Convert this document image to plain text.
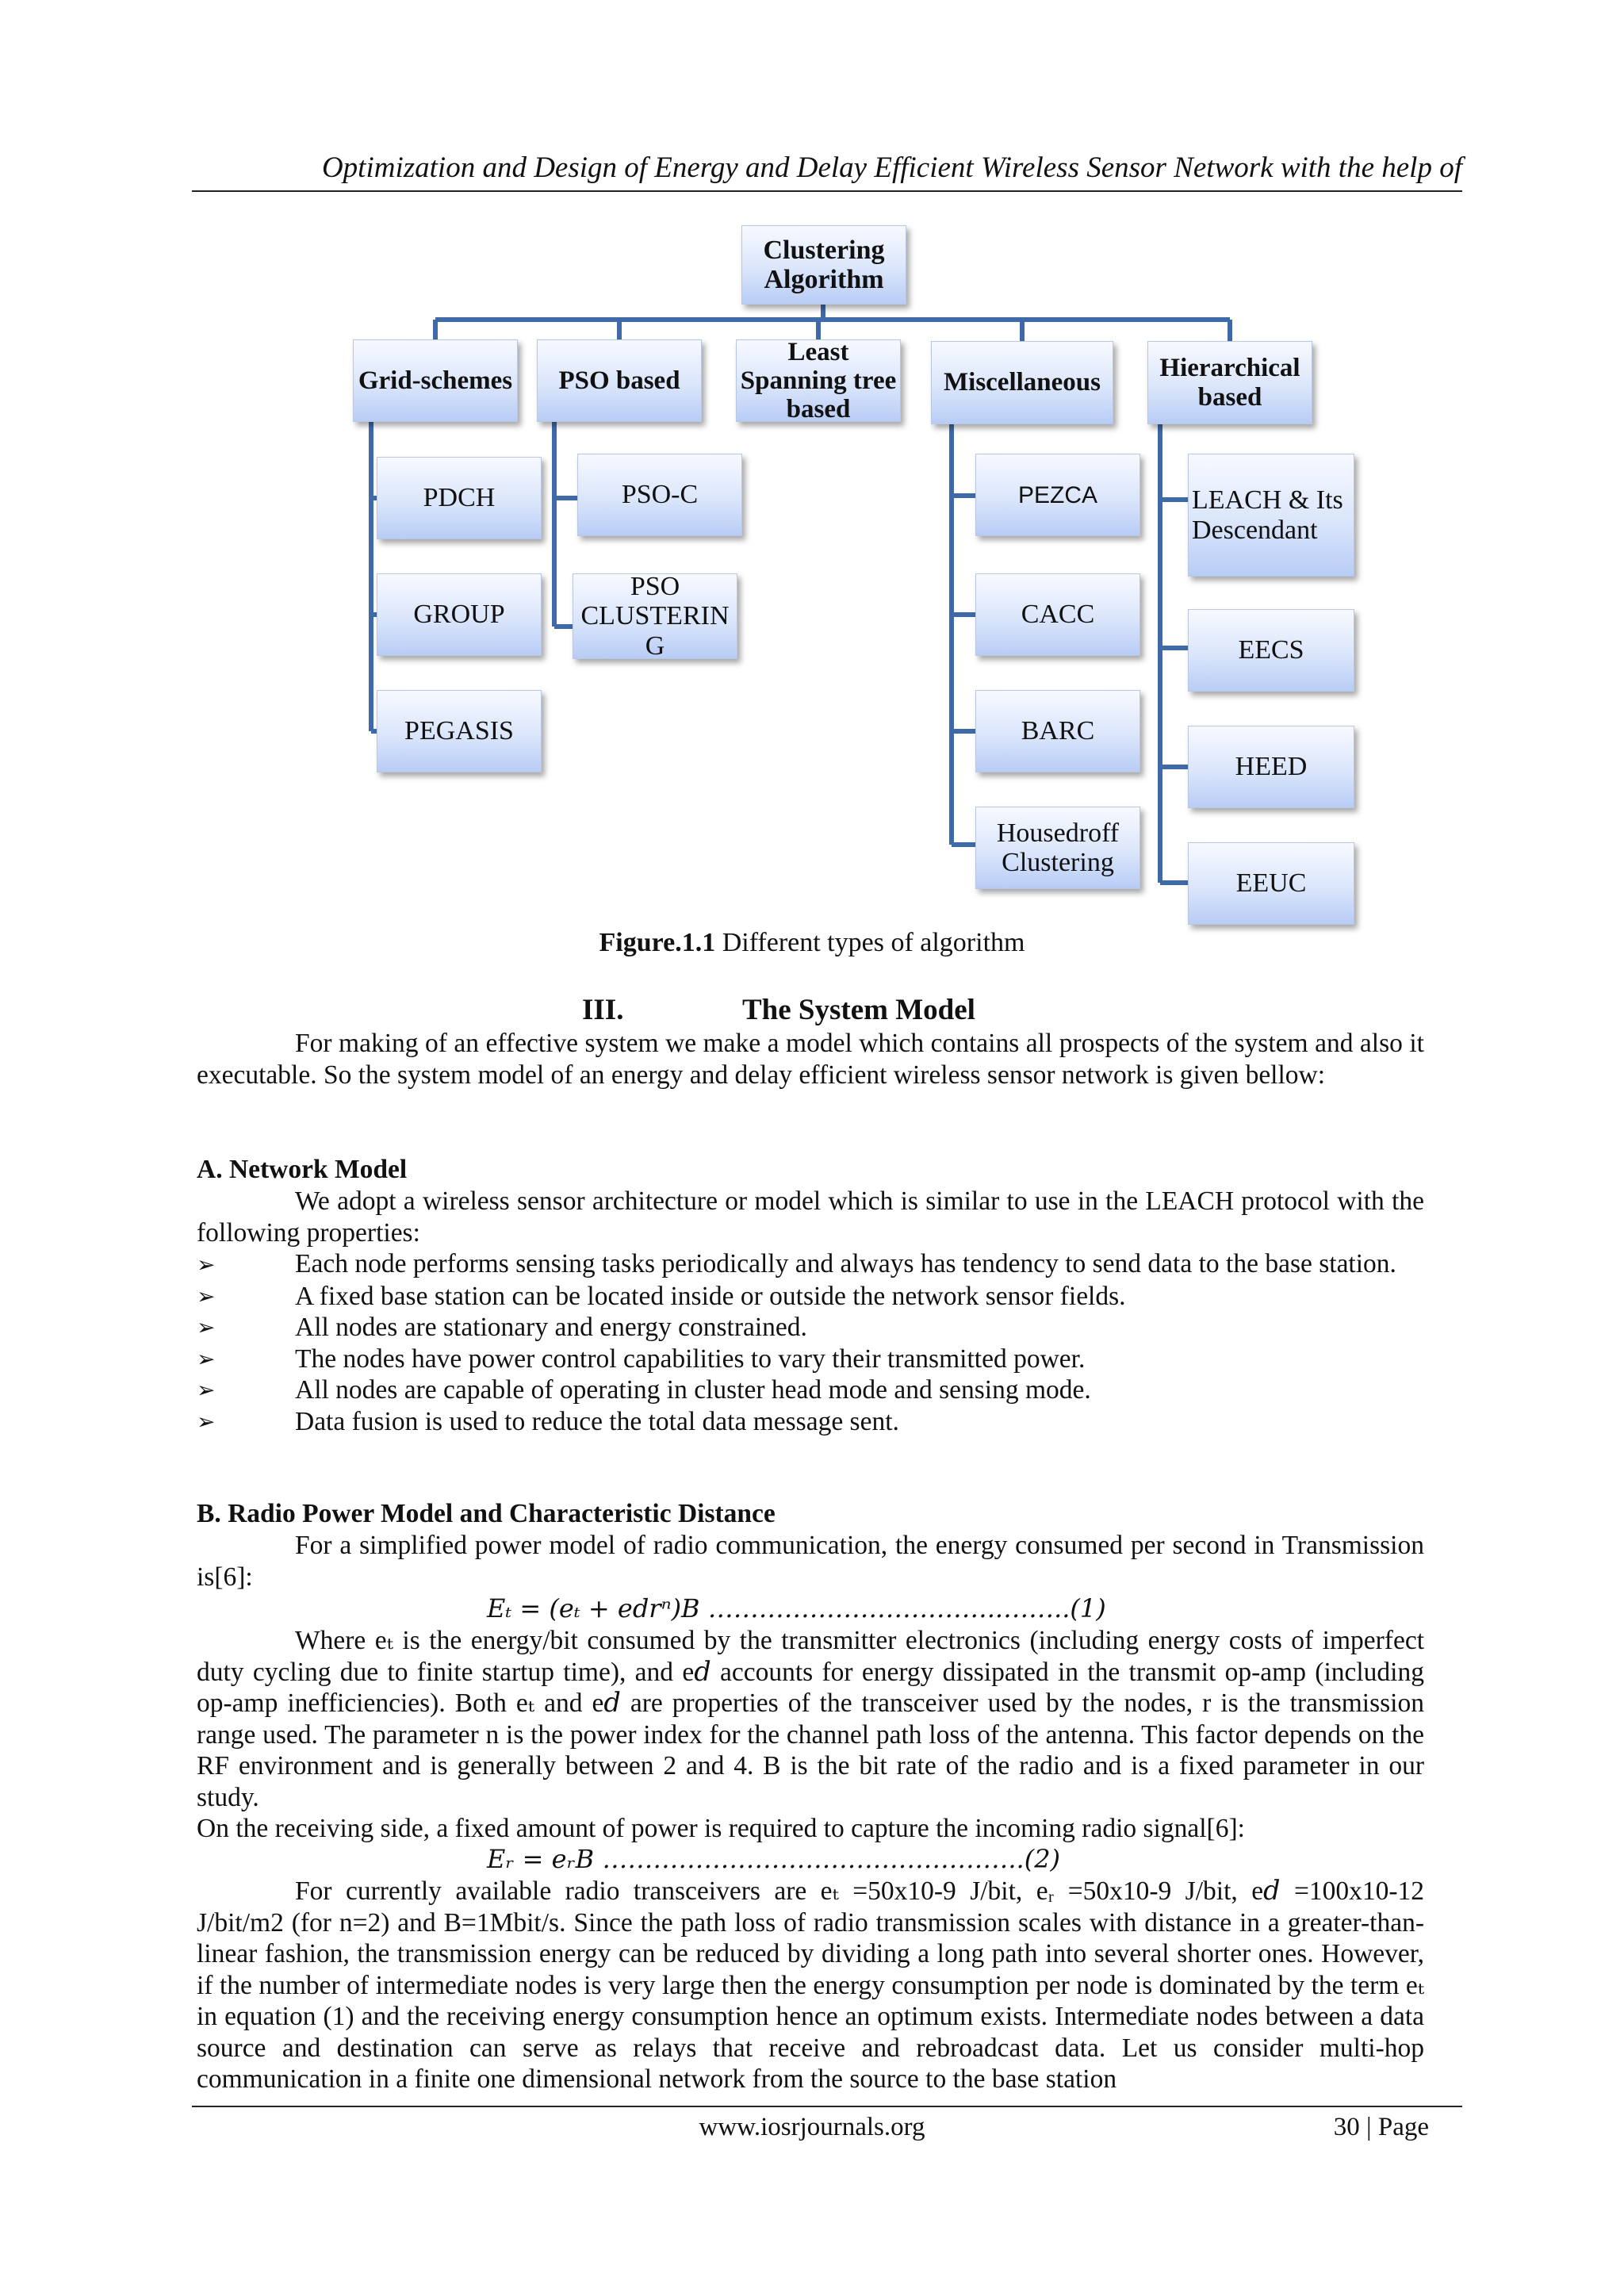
Optimization and Design of Energy and Delay Efficient Wireless Sensor Network with the help of
Clustering Algorithm
Grid-schemes	PSO based
Least Spanning tree based
Miscellaneous
Hierarchical based
PDCH
GROUP
PEGASIS
PSO-C
PSO CLUSTERIN G
PEZCA
CACC
BARC
Housedroff Clustering
LEACH & Its Descendant
EECS
HEED
EEUC
Figure.1.1 Different types of algorithm
III.	The System Model
For making of an effective system we make a model which contains all prospects of the system and also it executable. So the system model of an energy and delay efficient wireless sensor network is given bellow:
A. Network Model
We adopt a wireless sensor architecture or model which is similar to use in the LEACH protocol with the following properties:
➢	Each node performs sensing tasks periodically and always has tendency to send data to the base station.
➢	A fixed base station can be located inside or outside the network sensor fields.
➢	All nodes are stationary and energy constrained.
➢	The nodes have power control capabilities to vary their transmitted power.
➢	All nodes are capable of operating in cluster head mode and sensing mode.
➢	Data fusion is used to reduce the total data message sent.
B. Radio Power Model and Characteristic Distance
For a simplified power model of radio communication, the energy consumed per second in Transmission is[6]:
Eₜ = (eₜ + e𝑑rⁿ)B ……………………………..……..(1)
Where eₜ is the energy/bit consumed by the transmitter electronics (including energy costs of imperfect duty cycling due to finite startup time), and e𝑑 accounts for energy dissipated in the transmit op-amp (including op-amp inefficiencies). Both eₜ and e𝑑 are properties of the transceiver used by the nodes, r is the transmission range used. The parameter n is the power index for the channel path loss of the antenna. This factor depends on the RF environment and is generally between 2 and 4. B is the bit rate of the radio and is a fixed parameter in our study.
On the receiving side, a fixed amount of power is required to capture the incoming radio signal[6]:
Eᵣ = eᵣB …………………………………………..(2)
For currently available radio transceivers are eₜ =50x10-9 J/bit, eᵣ =50x10-9 J/bit, e𝑑 =100x10-12 J/bit/m2 (for n=2) and B=1Mbit/s. Since the path loss of radio transmission scales with distance in a greater-than-linear fashion, the transmission energy can be reduced by dividing a long path into several shorter ones. However, if the number of intermediate nodes is very large then the energy consumption per node is dominated by the term eₜ in equation (1) and the receiving energy consumption hence an optimum exists. Intermediate nodes between a data source and destination can serve as relays that receive and rebroadcast data. Let us consider multi-hop communication in a finite one dimensional network from the source to the base station
www.iosrjournals.org	30 | Page
